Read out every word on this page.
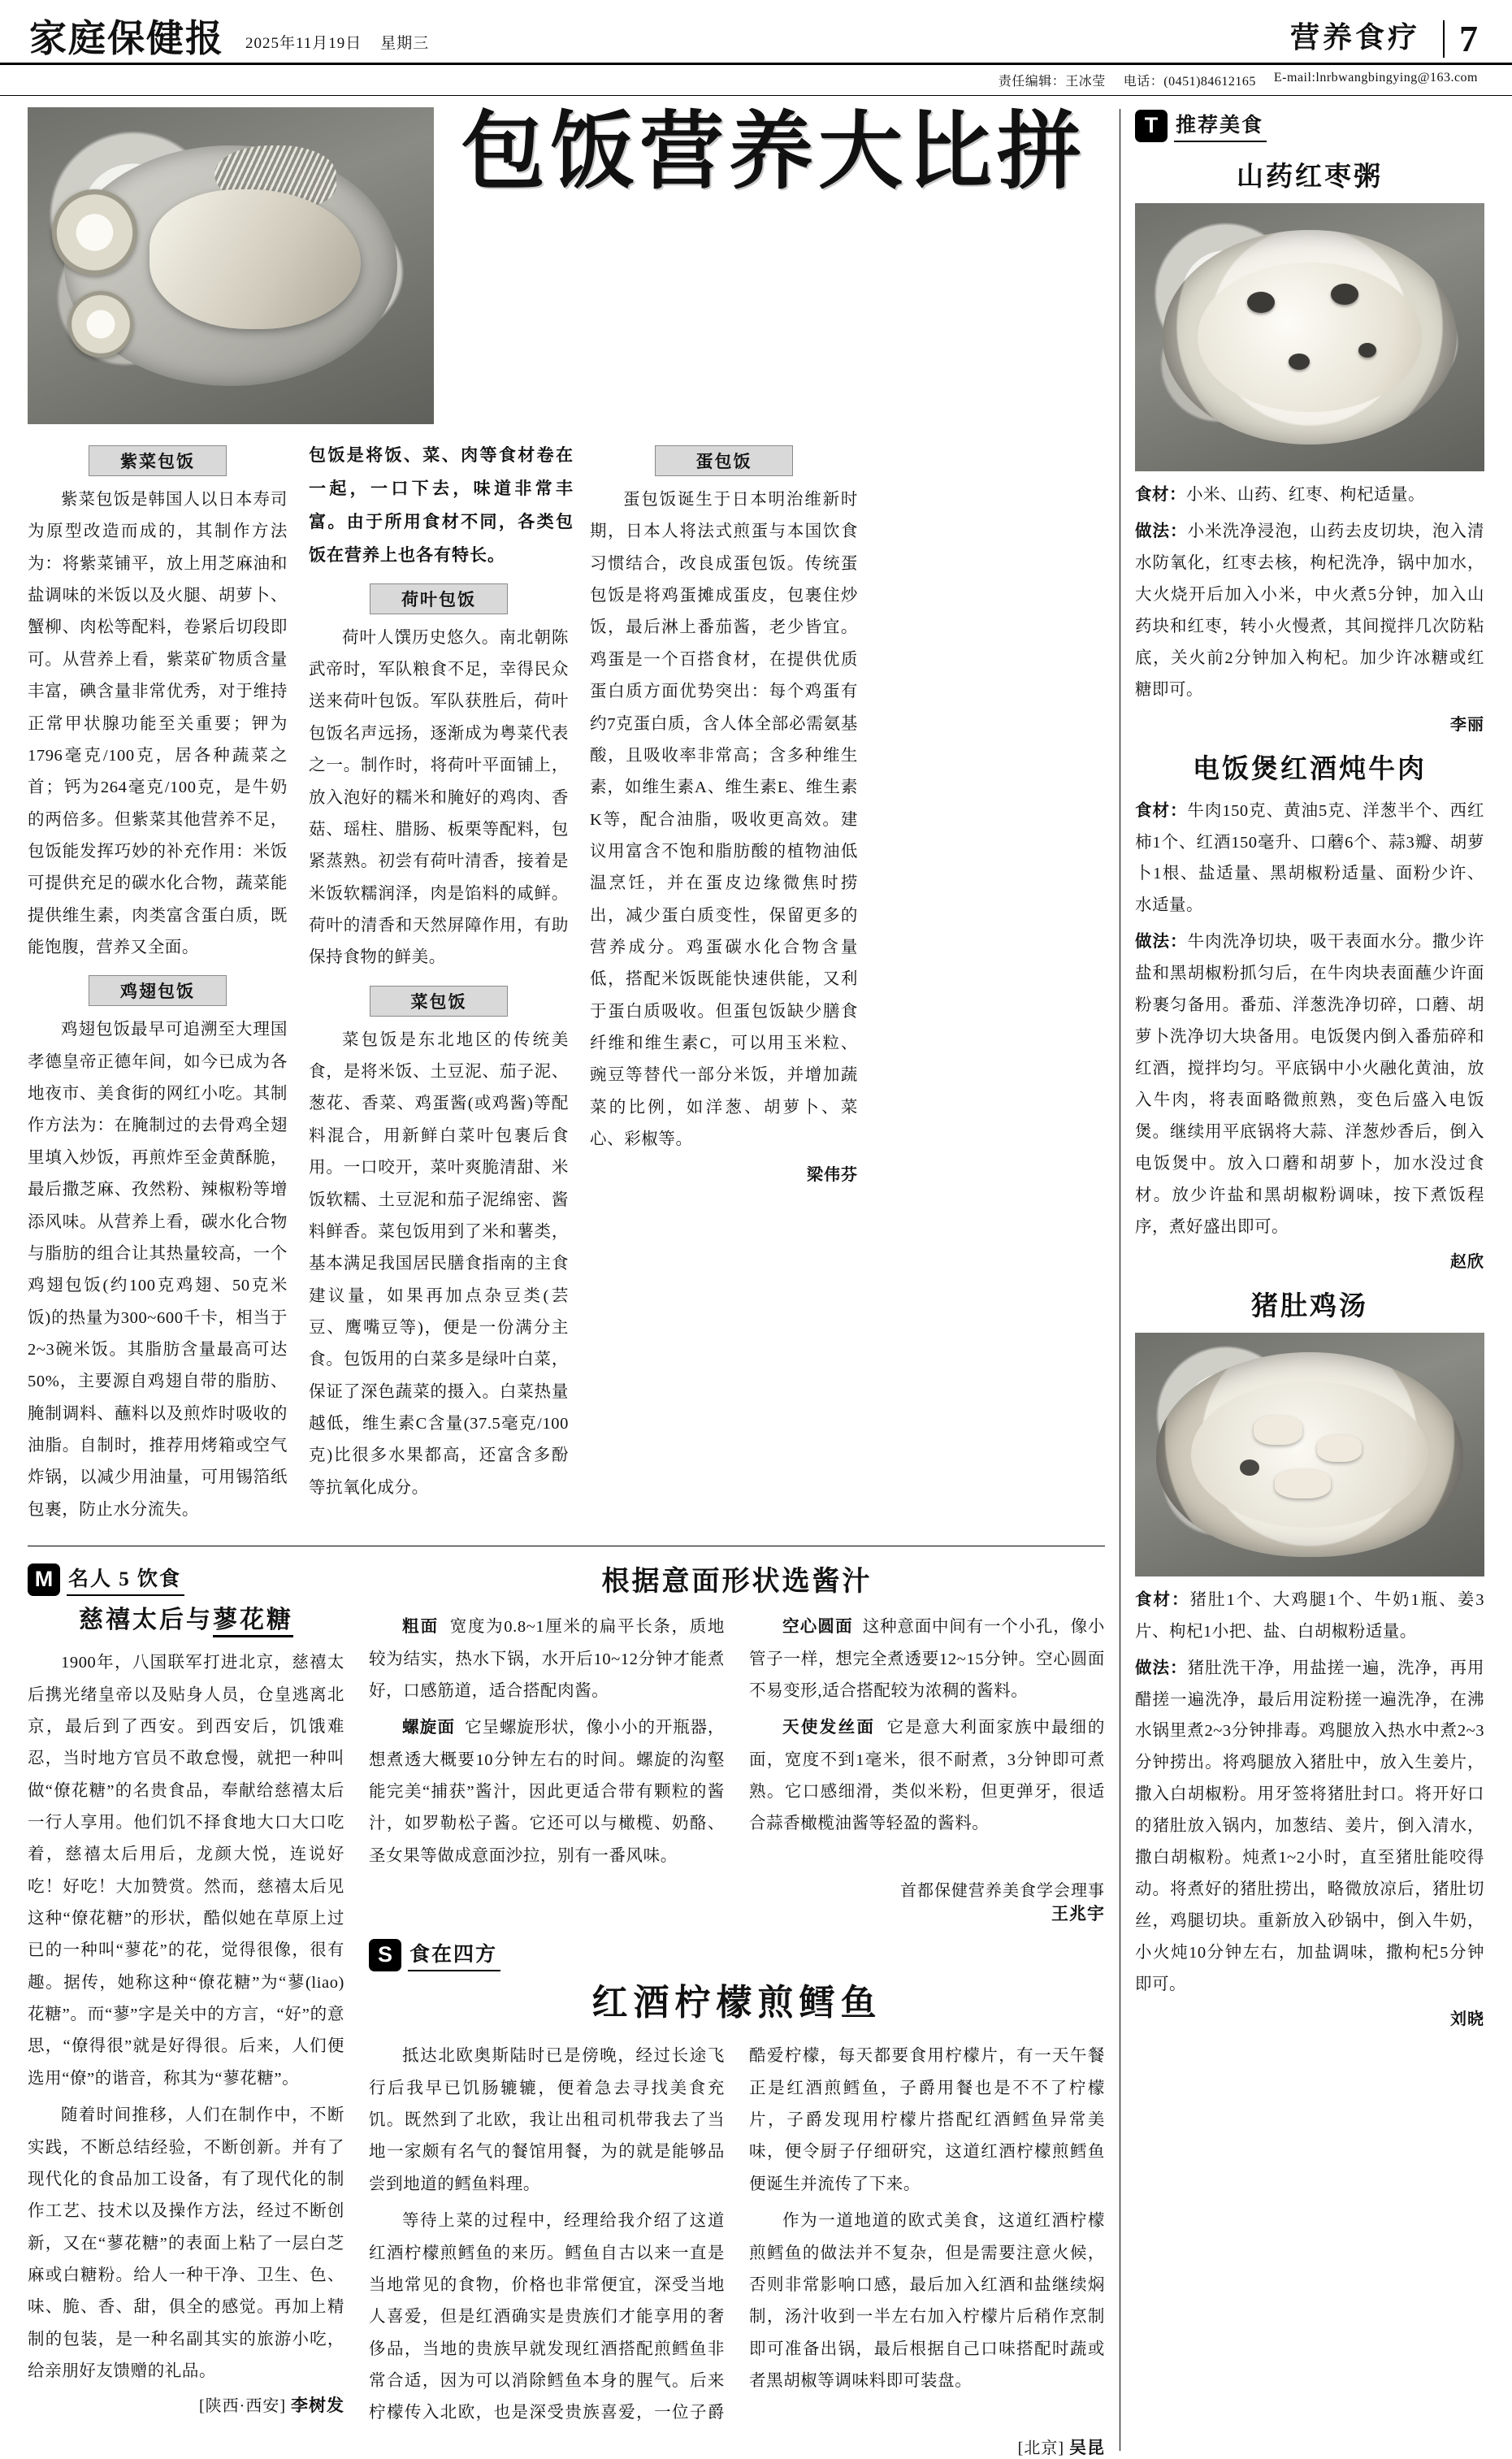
家庭保健报 2025年11月19日 星期三	营养食疗	7
责任编辑：王冰莹 电话：(0451)84612165 E-mail:lnrbwangbingying@163.com
包饭营养大比拼
紫菜包饭

紫菜包饭是韩国人以日本寿司为原型改造而成的，其制作方法为：将紫菜铺平，放上用芝麻油和盐调味的米饭以及火腿、胡萝卜、蟹柳、肉松等配料，卷紧后切段即可。从营养上看，紫菜矿物质含量丰富，碘含量非常优秀，对于维持正常甲状腺功能至关重要；钾为1796毫克/100克，居各种蔬菜之首；钙为264毫克/100克，是牛奶的两倍多。但紫菜其他营养不足，包饭能发挥巧妙的补充作用：米饭可提供充足的碳水化合物，蔬菜能提供维生素，肉类富含蛋白质，既能饱腹，营养又全面。

鸡翅包饭

鸡翅包饭最早可追溯至大理国孝德皇帝正德年间，如今已成为各地夜市、美食街的网红小吃。其制作方法为：在腌制过的去骨鸡全翅里填入炒饭，再煎炸至金黄酥脆，最后撒芝麻、孜然粉、辣椒粉等增添风味。从营养上看，碳水化合物与脂肪的组合让其热量较高，一个鸡翅包饭(约100克鸡翅、50克米饭)的热量为300~600千卡，相当于2~3碗米饭。其脂肪含量最高可达50%，主要源自鸡翅自带的脂肪、腌制调料、蘸料以及煎炸时吸收的油脂。自制时，推荐用烤箱或空气炸锅，以减少用油量，可用锡箔纸包裹，防止水分流失。

包饭是将饭、菜、肉等食材卷在一起，一口下去，味道非常丰富。由于所用食材不同，各类包饭在营养上也各有特长。
荷叶包饭

荷叶人馔历史悠久。南北朝陈武帝时，军队粮食不足，幸得民众送来荷叶包饭。军队获胜后，荷叶包饭名声远扬，逐渐成为粤菜代表之一。制作时，将荷叶平面铺上，放入泡好的糯米和腌好的鸡肉、香菇、瑶柱、腊肠、板栗等配料，包紧蒸熟。初尝有荷叶清香，接着是米饭软糯润泽，肉是馅料的咸鲜。荷叶的清香和天然屏障作用，有助保持食物的鲜美。

菜包饭

菜包饭是东北地区的传统美食，是将米饭、土豆泥、茄子泥、葱花、香菜、鸡蛋酱(或鸡酱)等配料混合，用新鲜白菜叶包裹后食用。一口咬开，菜叶爽脆清甜、米饭软糯、土豆泥和茄子泥绵密、酱料鲜香。菜包饭用到了米和薯类，基本满足我国居民膳食指南的主食建议量，如果再加点杂豆类(芸豆、鹰嘴豆等)，便是一份满分主食。包饭用的白菜多是绿叶白菜，保证了深色蔬菜的摄入。白菜热量越低，维生素C含量(37.5毫克/100克)比很多水果都高，还富含多酚等抗氧化成分。

蛋包饭

蛋包饭诞生于日本明治维新时期，日本人将法式煎蛋与本国饮食习惯结合，改良成蛋包饭。传统蛋包饭是将鸡蛋摊成蛋皮，包裹住炒饭，最后淋上番茄酱，老少皆宜。鸡蛋是一个百搭食材，在提供优质蛋白质方面优势突出：每个鸡蛋有约7克蛋白质，含人体全部必需氨基酸，且吸收率非常高；含多种维生素，如维生素A、维生素E、维生素K等，配合油脂，吸收更高效。建议用富含不饱和脂肪酸的植物油低温烹饪，并在蛋皮边缘微焦时捞出，减少蛋白质变性，保留更多的营养成分。鸡蛋碳水化合物含量低，搭配米饭既能快速供能，又利于蛋白质吸收。但蛋包饭缺少膳食纤维和维生素C，可以用玉米粒、豌豆等替代一部分米饭，并增加蔬菜的比例，如洋葱、胡萝卜、菜心、彩椒等。

梁伟芬
M 名人 5 饮食
慈禧太后与蓼花糖

1900年，八国联军打进北京，慈禧太后携光绪皇帝以及贴身人员，仓皇逃离北京，最后到了西安。到西安后，饥饿难忍，当时地方官员不敢怠慢，就把一种叫做“僚花糖”的名贵食品，奉献给慈禧太后一行人享用。他们饥不择食地大口大口吃着，慈禧太后用后，龙颜大悦，连说好吃！好吃！大加赞赏。然而，慈禧太后见这种“僚花糖”的形状，酷似她在草原上过已的一种叫“蓼花”的花，觉得很像，很有趣。据传，她称这种“僚花糖”为“蓼(liao)花糖”。而“蓼”字是关中的方言，“好”的意思，“僚得很”就是好得很。后来，人们便选用“僚”的谐音，称其为“蓼花糖”。

随着时间推移，人们在制作中，不断实践，不断总结经验，不断创新。并有了现代化的食品加工设备，有了现代化的制作工艺、技术以及操作方法，经过不断创新，又在“蓼花糖”的表面上粘了一层白芝麻或白糖粉。给人一种干净、卫生、色、味、脆、香、甜，俱全的感觉。再加上精制的包装，是一种名副其实的旅游小吃，给亲朋好友馈赠的礼品。

[陕西·西安] 李树发
根据意面形状选酱汁

粗面 宽度为0.8~1厘米的扁平长条，质地较为结实，热水下锅，水开后10~12分钟才能煮好，口感筋道，适合搭配肉酱。

螺旋面 它呈螺旋形状，像小小的开瓶器，想煮透大概要10分钟左右的时间。螺旋的沟壑能完美“捕获”酱汁，因此更适合带有颗粒的酱汁，如罗勒松子酱。它还可以与橄榄、奶酪、圣女果等做成意面沙拉，别有一番风味。

空心圆面 这种意面中间有一个小孔，像小管子一样，想完全煮透要12~15分钟。空心圆面不易变形,适合搭配较为浓稠的酱料。

天使发丝面 它是意大利面家族中最细的面，宽度不到1毫米，很不耐煮，3分钟即可煮熟。它口感细滑，类似米粉，但更弹牙，很适合蒜香橄榄油酱等轻盈的酱料。

首都保健营养美食学会理事
王兆宇
S 食在四方
红酒柠檬煎鳕鱼

抵达北欧奥斯陆时已是傍晚，经过长途飞行后我早已饥肠辘辘，便着急去寻找美食充饥。既然到了北欧，我让出租司机带我去了当地一家颇有名气的餐馆用餐，为的就是能够品尝到地道的鳕鱼料理。

等待上菜的过程中，经理给我介绍了这道红酒柠檬煎鳕鱼的来历。鳕鱼自古以来一直是当地常见的食物，价格也非常便宜，深受当地人喜爱，但是红酒确实是贵族们才能享用的奢侈品，当地的贵族早就发现红酒搭配煎鳕鱼非常合适，因为可以消除鳕鱼本身的腥气。后来柠檬传入北欧，也是深受贵族喜爱，一位子爵酷爱柠檬，每天都要食用柠檬片，有一天午餐正是红酒煎鳕鱼，子爵用餐也是不不了柠檬片，子爵发现用柠檬片搭配红酒鳕鱼异常美味，便令厨子仔细研究，这道红酒柠檬煎鳕鱼便诞生并流传了下来。

作为一道地道的欧式美食，这道红酒柠檬煎鳕鱼的做法并不复杂，但是需要注意火候，否则非常影响口感，最后加入红酒和盐继续焖制，汤汁收到一半左右加入柠檬片后稍作烹制即可准备出锅，最后根据自己口味搭配时蔬或者黑胡椒等调味料即可装盘。

[北京] 吴昆
T 推荐美食
山药红枣粥

食材：小米、山药、红枣、枸杞适量。

做法：小米洗净浸泡，山药去皮切块，泡入清水防氧化，红枣去核，枸杞洗净，锅中加水，大火烧开后加入小米，中火煮5分钟，加入山药块和红枣，转小火慢煮，其间搅拌几次防粘底，关火前2分钟加入枸杞。加少许冰糖或红糖即可。

李丽
电饭煲红酒炖牛肉

食材：牛肉150克、黄油5克、洋葱半个、西红柿1个、红酒150毫升、口蘑6个、蒜3瓣、胡萝卜1根、盐适量、黑胡椒粉适量、面粉少许、水适量。

做法：牛肉洗净切块，吸干表面水分。撒少许盐和黑胡椒粉抓匀后，在牛肉块表面蘸少许面粉裹匀备用。番茄、洋葱洗净切碎，口蘑、胡萝卜洗净切大块备用。电饭煲内倒入番茄碎和红酒，搅拌均匀。平底锅中小火融化黄油，放入牛肉，将表面略微煎熟，变色后盛入电饭煲。继续用平底锅将大蒜、洋葱炒香后，倒入电饭煲中。放入口蘑和胡萝卜，加水没过食材。放少许盐和黑胡椒粉调味，按下煮饭程序，煮好盛出即可。

赵欣
猪肚鸡汤

食材：猪肚1个、大鸡腿1个、牛奶1瓶、姜3片、枸杞1小把、盐、白胡椒粉适量。

做法：猪肚洗干净，用盐搓一遍，洗净，再用醋搓一遍洗净，最后用淀粉搓一遍洗净，在沸水锅里煮2~3分钟排毒。鸡腿放入热水中煮2~3分钟捞出。将鸡腿放入猪肚中，放入生姜片，撒入白胡椒粉。用牙签将猪肚封口。将开好口的猪肚放入锅内，加葱结、姜片，倒入清水，撒白胡椒粉。炖煮1~2小时，直至猪肚能咬得动。将煮好的猪肚捞出，略微放凉后，猪肚切丝，鸡腿切块。重新放入砂锅中，倒入牛奶，小火炖10分钟左右，加盐调味，撒枸杞5分钟即可。

刘晓
